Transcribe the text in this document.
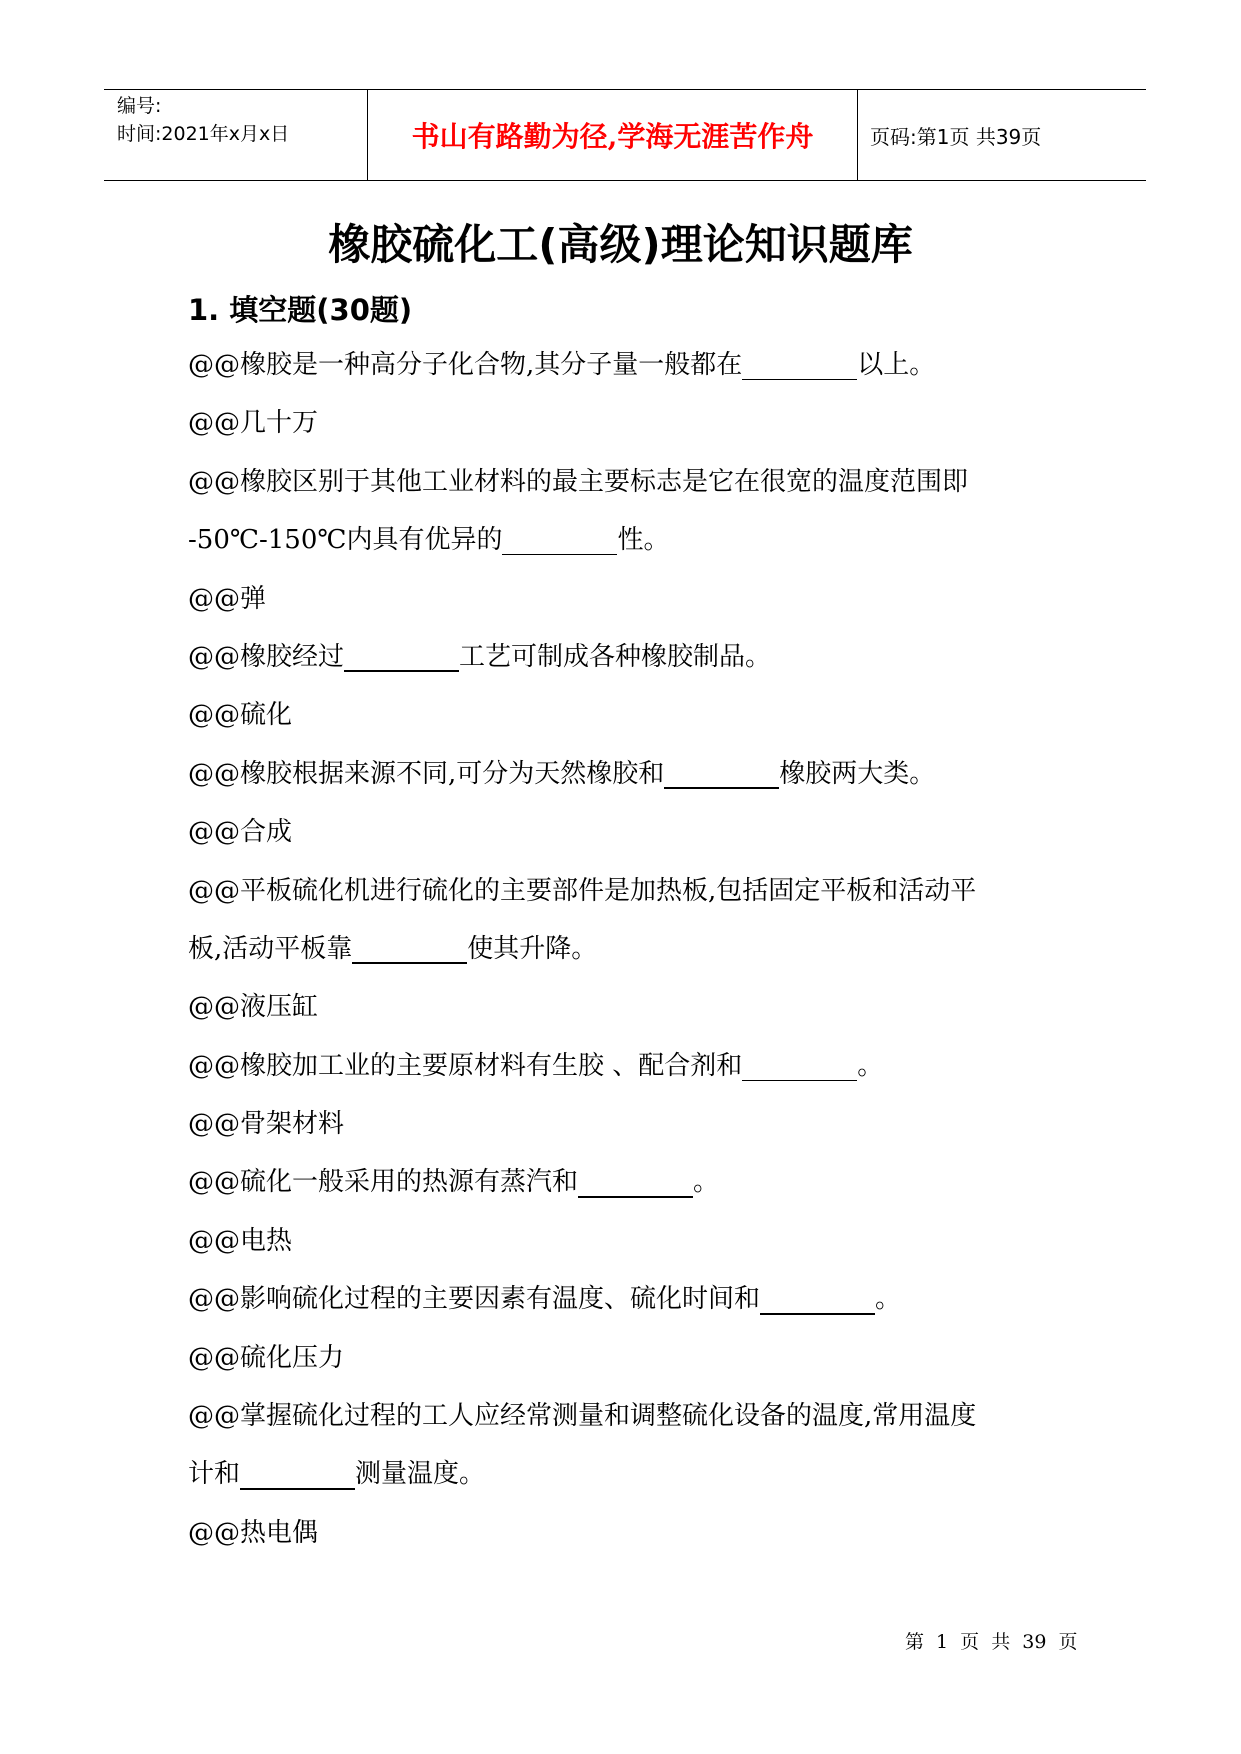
编号:
时间:2021年x月x日	书山有路勤为径,学海无涯苦作舟	页码:第1页 共39页
橡胶硫化工(高级)理论知识题库
1. 填空题(30题)
@@橡胶是一种高分子化合物,其分子量一般都在	以上。
@@几十万
@@橡胶区别于其他工业材料的最主要标志是它在很宽的温度范围即
-50℃-150℃内具有优异的	性。
@@弹
@@橡胶经过	工艺可制成各种橡胶制品。
@@硫化
@@橡胶根据来源不同,可分为天然橡胶和	橡胶两大类。
@@合成
@@平板硫化机进行硫化的主要部件是加热板,包括固定平板和活动平
板,活动平板靠	使其升降。
@@液压缸
@@橡胶加工业的主要原材料有生胶 、配合剂和	。
@@骨架材料
@@硫化一般采用的热源有蒸汽和	。
@@电热
@@影响硫化过程的主要因素有温度、硫化时间和	。
@@硫化压力
@@掌握硫化过程的工人应经常测量和调整硫化设备的温度,常用温度
计和	测量温度。
@@热电偶
第 1 页 共 39 页
